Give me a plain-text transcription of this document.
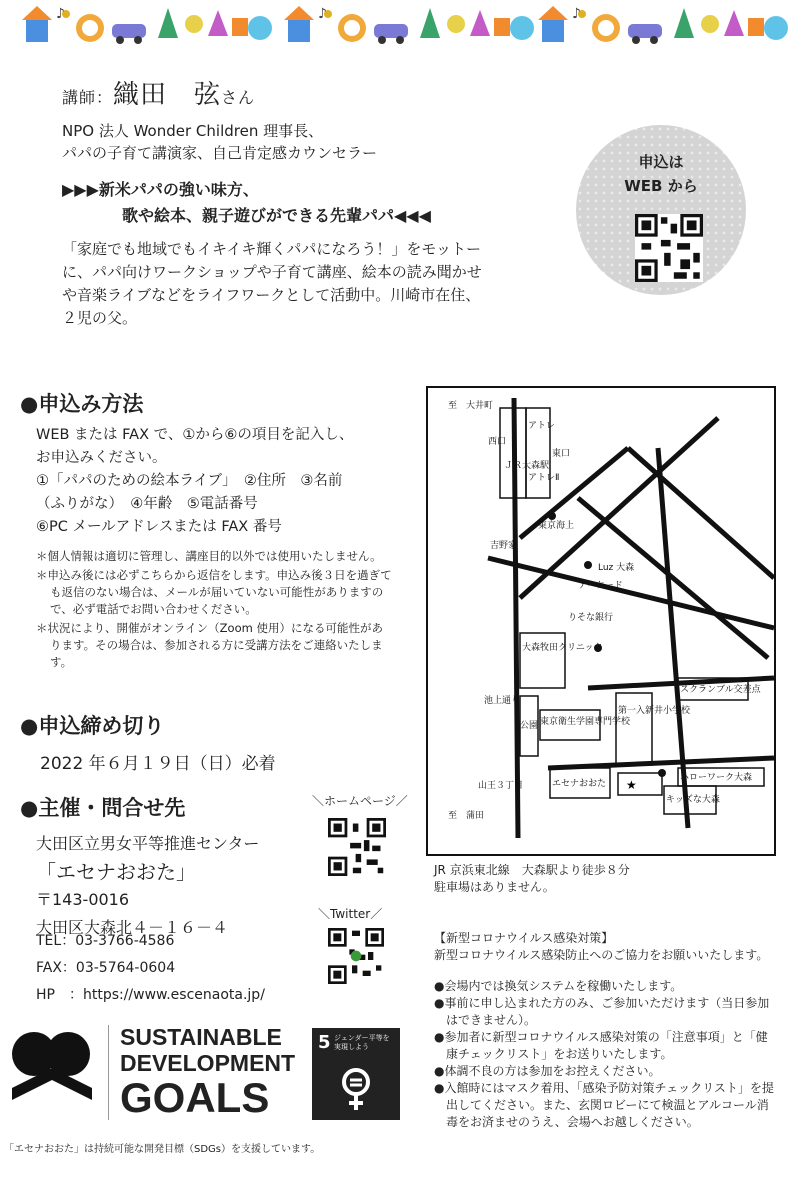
♪
講師：織田　弦さん
NPO 法人 Wonder Children 理事長、
パパの子育て講演家、自己肯定感カウンセラー
▶▶▶新米パパの強い味方、
歌や絵本、親子遊びができる先輩パパ◀◀◀
「家庭でも地域でもイキイキ輝くパパになろう！」をモットー
に、パパ向けワークショップや子育て講座、絵本の読み聞かせ
や音楽ライブなどをライフワークとして活動中。川崎市在住、
２児の父。
申込は
WEB から
●申込み方法
WEB または FAX で、①から⑥の項目を記入し、
お申込みください。
①「パパのための絵本ライブ」　②住所　③名前
（ふりがな）　④年齢　⑤電話番号
⑥PC メールアドレスまたは FAX 番号

＊個人情報は適切に管理し、講座目的以外では使用いたしません。

＊申込み後には必ずこちらから返信をします。申込み後３日を過ぎても返信のない場合は、メールが届いていない可能性がありますので、必ず電話でお問い合わせください。

＊状況により、開催がオンライン（Zoom 使用）になる可能性があります。その場合は、参加される方に受講方法をご連絡いたします。

●申込締め切り
2022 年６月１９日（日）必着
●主催・問合せ先
大田区立男女平等推進センター
「エセナおおた」
〒143-0016
大田区大森北４－１６－４
TEL：03-3766-4586
FAX：03-5764-0604
HP　：https://www.escenaota.jp/
＼ホームページ／
＼Twitter／
至　大井町
西口
ＪＲ大森駅
アトレ
アトレⅡ
東口
東京海上
吉野家
Luz 大森
アーケード
りそな銀行
大森牧田クリニック
スクランブル交差点
公園 東京衛生学園専門学校
第一入新井小学校
池上通り
山王３丁目	エセナおおた
ハローワーク大森
キッズな大森
至　蒲田
★
JR 京浜東北線　大森駅より徒歩８分
駐車場はありません。
【新型コロナウイルス感染対策】
新型コロナウイルス感染防止へのご協力をお願いいたします。
●会場内では換気システムを稼働いたします。
●事前に申し込まれた方のみ、ご参加いただけます（当日参加はできません）。
●参加者に新型コロナウイルス感染対策の「注意事項」と「健康チェックリスト」をお送りいたします。
●体調不良の方は参加をお控えください。
●入館時にはマスク着用、「感染予防対策チェックリスト」を提出してください。また、玄関ロビーにて検温とアルコール消毒をお済ませのうえ、会場へお越しください。
SUSTAINABLE
DEVELOPMENT
GOALS
5 ジェンダー平等を実現しよう
「エセナおおた」は持続可能な開発目標（SDGs）を支援しています。
